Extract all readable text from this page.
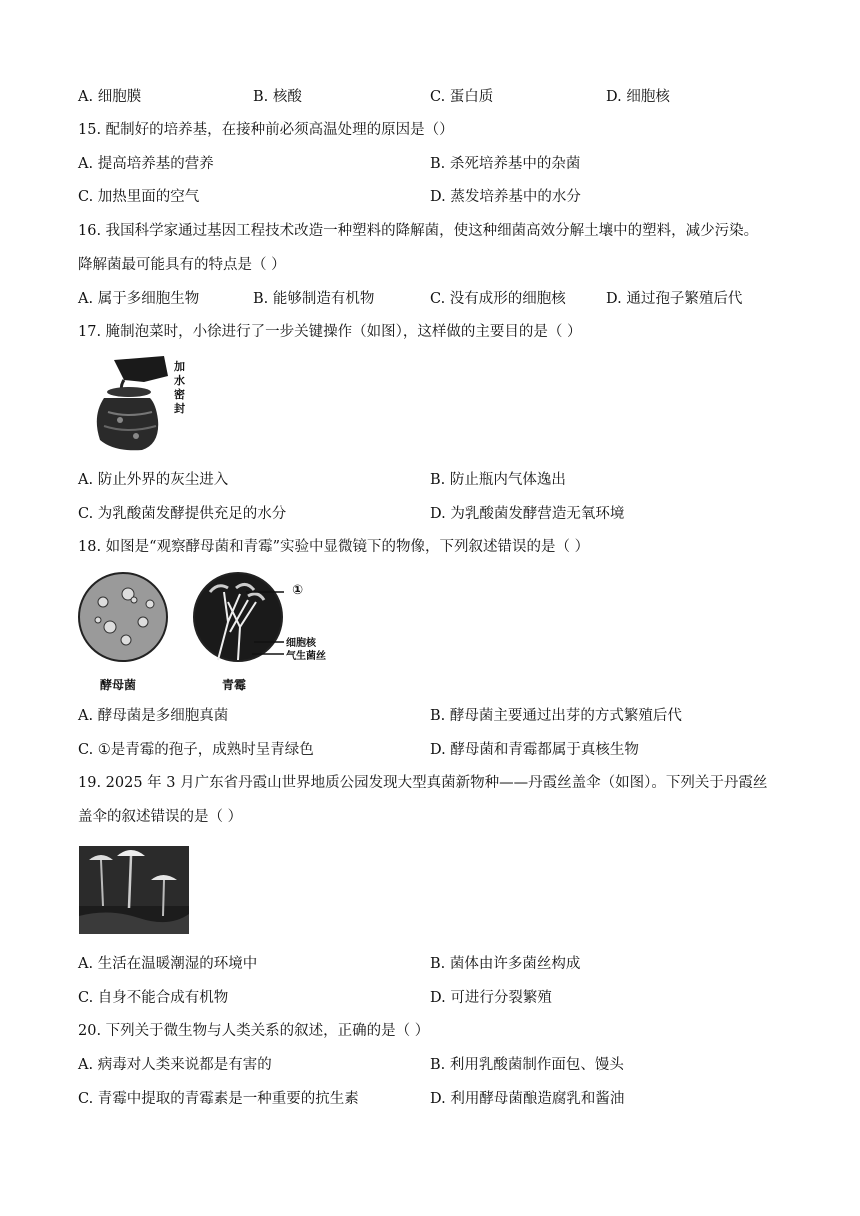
A. 细胞膜	B. 核酸	C. 蛋白质	D. 细胞核
15. 配制好的培养基，在接种前必须高温处理的原因是（）
A. 提高培养基的营养	B. 杀死培养基中的杂菌
C. 加热里面的空气	D. 蒸发培养基中的水分
16. 我国科学家通过基因工程技术改造一种塑料的降解菌，使这种细菌高效分解土壤中的塑料，减少污染。
降解菌最可能具有的特点是（ ）
A. 属于多细胞生物	B. 能够制造有机物	C. 没有成形的细胞核	D. 通过孢子繁殖后代
17. 腌制泡菜时，小徐进行了一步关键操作（如图），这样做的主要目的是（ ）
加
水
密
封
A. 防止外界的灰尘进入	B. 防止瓶内气体逸出
C. 为乳酸菌发酵提供充足的水分	D. 为乳酸菌发酵营造无氧环境
18. 如图是“观察酵母菌和青霉”实验中显微镜下的物像，下列叙述错误的是（ ）
①
细胞核
气生菌丝
酵母菌	青霉
A. 酵母菌是多细胞真菌	B. 酵母菌主要通过出芽的方式繁殖后代
C. ①是青霉的孢子，成熟时呈青绿色	D. 酵母菌和青霉都属于真核生物
19. 2025 年 3 月广东省丹霞山世界地质公园发现大型真菌新物种——丹霞丝盖伞（如图）。下列关于丹霞丝
盖伞的叙述错误的是（ ）
A. 生活在温暖潮湿的环境中	B. 菌体由许多菌丝构成
C. 自身不能合成有机物	D. 可进行分裂繁殖
20. 下列关于微生物与人类关系的叙述，正确的是（ ）
A. 病毒对人类来说都是有害的	B. 利用乳酸菌制作面包、馒头
C. 青霉中提取的青霉素是一种重要的抗生素	D. 利用酵母菌酿造腐乳和酱油
